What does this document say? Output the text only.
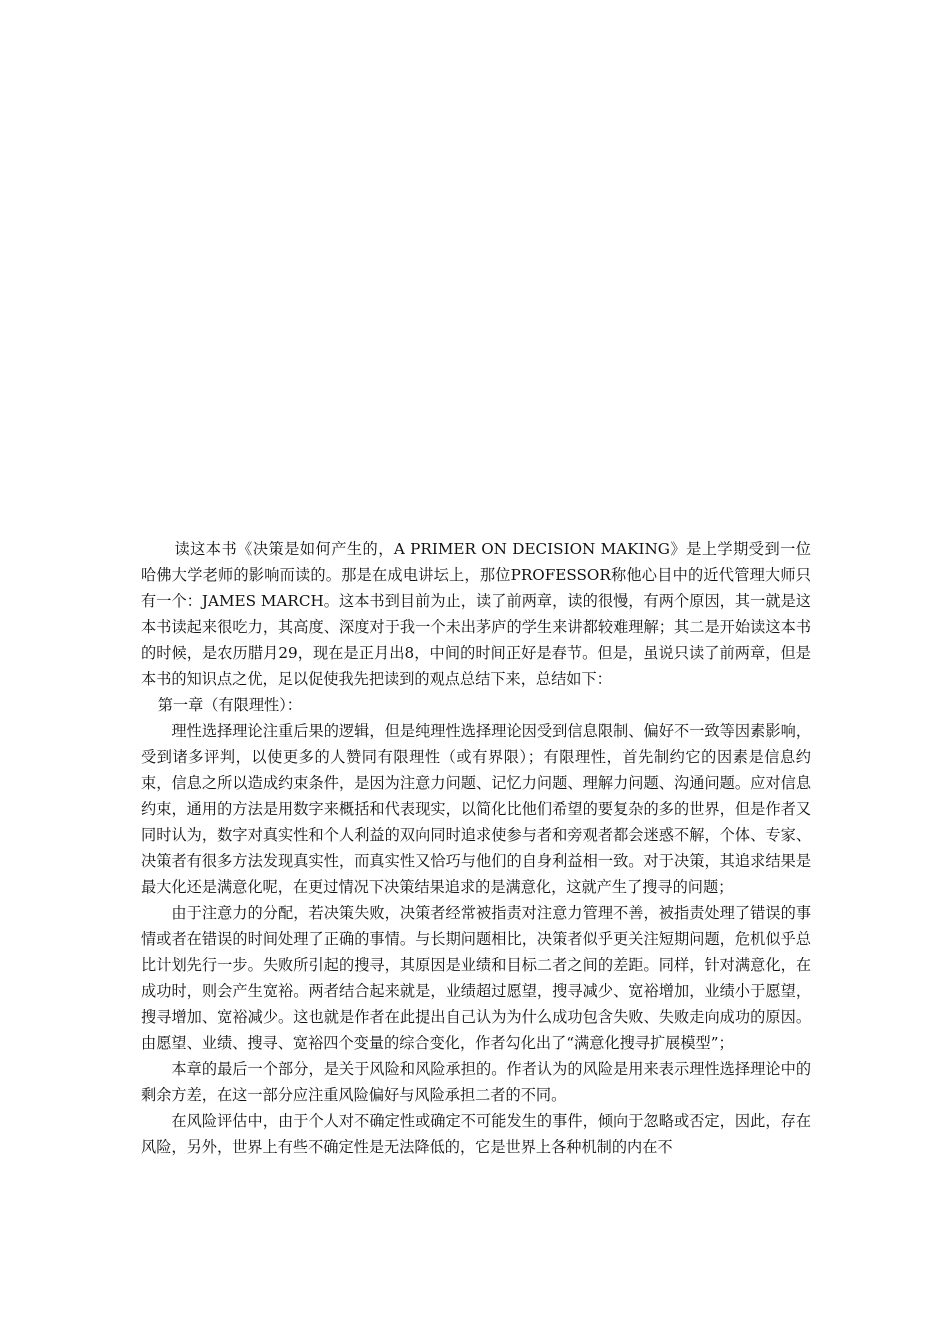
读这本书《决策是如何产生的，A PRIMER ON DECISION MAKING》是上学期受到一位哈佛大学老师的影响而读的。那是在成电讲坛上，那位PROFESSOR称他心目中的近代管理大师只有一个：JAMES MARCH。这本书到目前为止，读了前两章，读的很慢，有两个原因，其一就是这本书读起来很吃力，其高度、深度对于我一个未出茅庐的学生来讲都较难理解；其二是开始读这本书的时候，是农历腊月29，现在是正月出8，中间的时间正好是春节。但是，虽说只读了前两章，但是本书的知识点之优，足以促使我先把读到的观点总结下来，总结如下：

第一章（有限理性）：

理性选择理论注重后果的逻辑，但是纯理性选择理论因受到信息限制、偏好不一致等因素影响，受到诸多评判，以使更多的人赞同有限理性（或有界限）；有限理性，首先制约它的因素是信息约束，信息之所以造成约束条件，是因为注意力问题、记忆力问题、理解力问题、沟通问题。应对信息约束，通用的方法是用数字来概括和代表现实，以简化比他们希望的要复杂的多的世界，但是作者又同时认为，数字对真实性和个人利益的双向同时追求使参与者和旁观者都会迷惑不解，个体、专家、决策者有很多方法发现真实性，而真实性又恰巧与他们的自身利益相一致。对于决策，其追求结果是最大化还是满意化呢，在更过情况下决策结果追求的是满意化，这就产生了搜寻的问题；

由于注意力的分配，若决策失败，决策者经常被指责对注意力管理不善，被指责处理了错误的事情或者在错误的时间处理了正确的事情。与长期问题相比，决策者似乎更关注短期问题，危机似乎总比计划先行一步。失败所引起的搜寻，其原因是业绩和目标二者之间的差距。同样，针对满意化，在成功时，则会产生宽裕。两者结合起来就是，业绩超过愿望，搜寻减少、宽裕增加，业绩小于愿望，搜寻增加、宽裕减少。这也就是作者在此提出自己认为为什么成功包含失败、失败走向成功的原因。由愿望、业绩、搜寻、宽裕四个变量的综合变化，作者勾化出了“满意化搜寻扩展模型”；

本章的最后一个部分，是关于风险和风险承担的。作者认为的风险是用来表示理性选择理论中的剩余方差，在这一部分应注重风险偏好与风险承担二者的不同。

在风险评估中，由于个人对不确定性或确定不可能发生的事件，倾向于忽略或否定，因此，存在风险，另外，世界上有些不确定性是无法降低的，它是世界上各种机制的内在不
